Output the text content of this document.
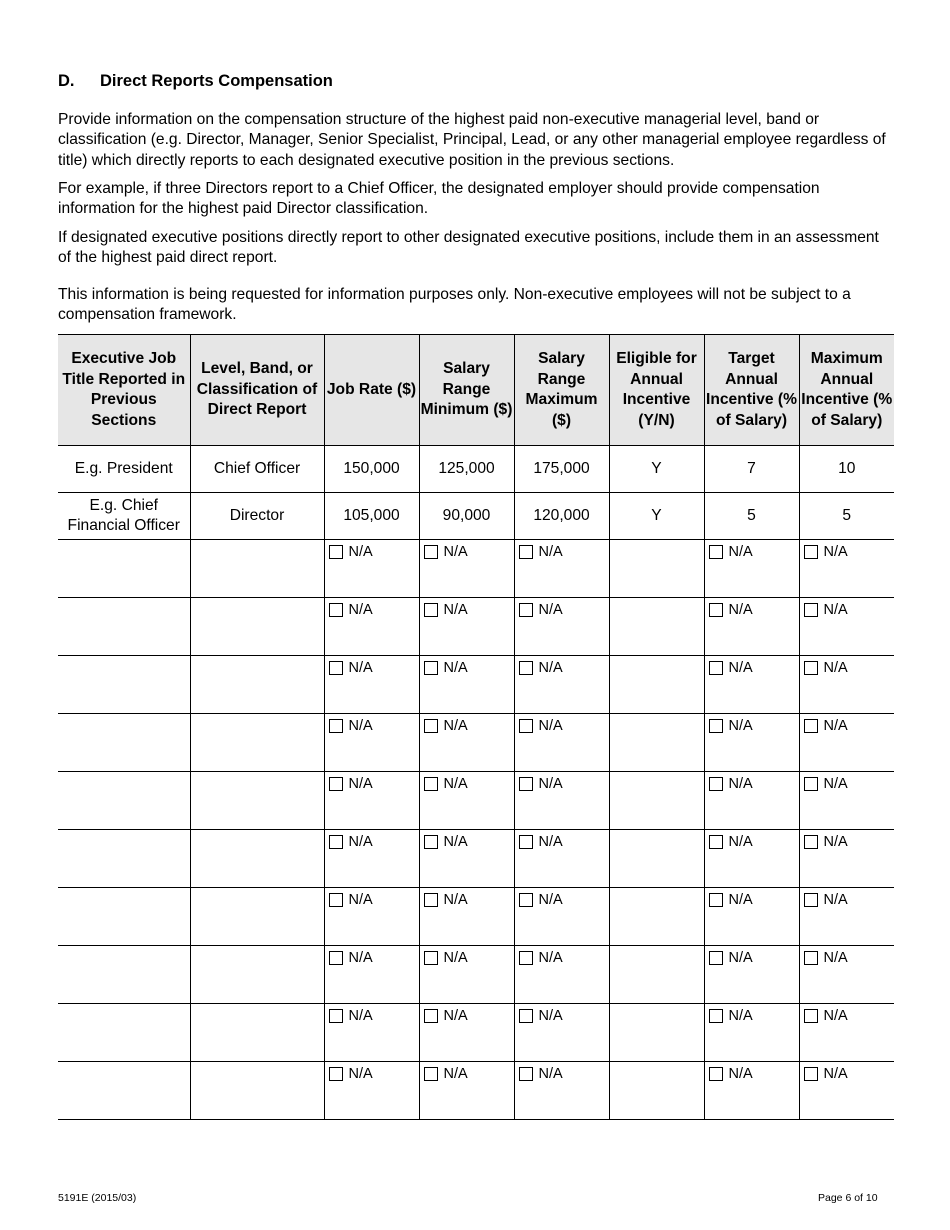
D. Direct Reports Compensation

Provide information on the compensation structure of the highest paid non-executive managerial level, band or classification (e.g. Director, Manager, Senior Specialist, Principal, Lead, or any other managerial employee regardless of title) which directly reports to each designated executive position in the previous sections.

For example, if three Directors report to a Chief Officer, the designated employer should provide compensation information for the highest paid Director classification.

If designated executive positions directly report to other designated executive positions, include them in an assessment of the highest paid direct report.

This information is being requested for information purposes only. Non-executive employees will not be subject to a compensation framework.

Executive Job Title Reported in Previous Sections	Level, Band, or Classification of Direct Report	Job Rate ($)	Salary Range Minimum ($)	Salary Range Maximum ($)	Eligible for Annual Incentive (Y/N)	Target Annual Incentive (% of Salary)	Maximum Annual Incentive (% of Salary)
E.g. President	Chief Officer	150,000	125,000	175,000	Y	7	10
E.g. Chief Financial Officer	Director	105,000	90,000	120,000	Y	5	5

		N/A	N/A	N/A		N/A	N/A

		N/A	N/A	N/A		N/A	N/A

		N/A	N/A	N/A		N/A	N/A

		N/A	N/A	N/A		N/A	N/A

		N/A	N/A	N/A		N/A	N/A

		N/A	N/A	N/A		N/A	N/A

		N/A	N/A	N/A		N/A	N/A

		N/A	N/A	N/A		N/A	N/A

		N/A	N/A	N/A		N/A	N/A

		N/A	N/A	N/A		N/A	N/A
5191E (2015/03)	Page 6 of 10
